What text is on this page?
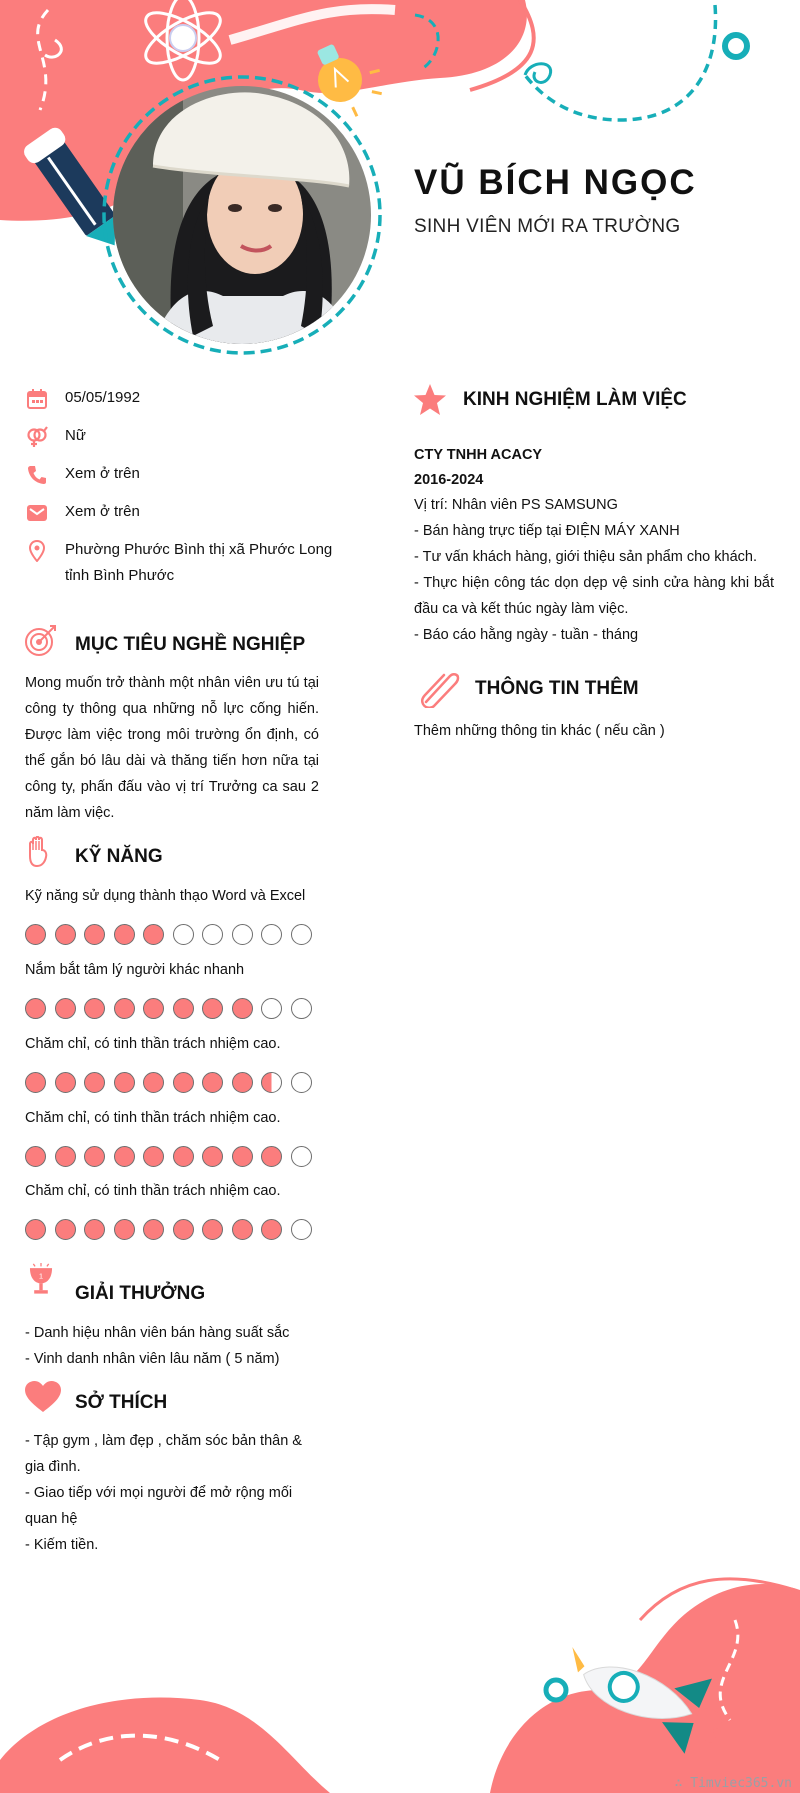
VŨ BÍCH NGỌC
SINH VIÊN MỚI RA TRƯỜNG
05/05/1992
Nữ
Xem ở trên
Xem ở trên
Phường Phước Bình thị xã Phước Long tỉnh Bình Phước
MỤC TIÊU NGHỀ NGHIỆP
Mong muốn trở thành một nhân viên ưu tú tại công ty thông qua những nỗ lực cống hiến. Được làm việc trong môi trường ổn định, có thể gắn bó lâu dài và thăng tiến hơn nữa tại công ty, phấn đấu vào vị trí Trưởng ca sau 2 năm làm việc.
KỸ NĂNG
Kỹ năng sử dụng thành thạo Word và Excel
Nắm bắt tâm lý người khác nhanh
Chăm chỉ, có tinh thần trách nhiệm cao.
Chăm chỉ, có tinh thần trách nhiệm cao.
Chăm chỉ, có tinh thần trách nhiệm cao.
1
GIẢI THƯỞNG
- Danh hiệu nhân viên bán hàng suất sắc
- Vinh danh nhân viên lâu năm ( 5 năm)
SỞ THÍCH
- Tập gym , làm đẹp , chăm sóc bản thân & gia đình.
- Giao tiếp với mọi người để mở rộng mối quan hệ
- Kiếm tiền.
KINH NGHIỆM LÀM VIỆC
CTY TNHH ACACY
2016-2024
Vị trí: Nhân viên PS SAMSUNG
- Bán hàng trực tiếp tại ĐIỆN MÁY XANH
- Tư vấn khách hàng, giới thiệu sản phẩm cho khách.
- Thực hiện công tác dọn dẹp vệ sinh cửa hàng khi bắt đầu ca và kết thúc ngày làm việc.
- Báo cáo hằng ngày - tuần - tháng
THÔNG TIN THÊM
Thêm những thông tin khác ( nếu cần )
∴ Timviec365.vn
